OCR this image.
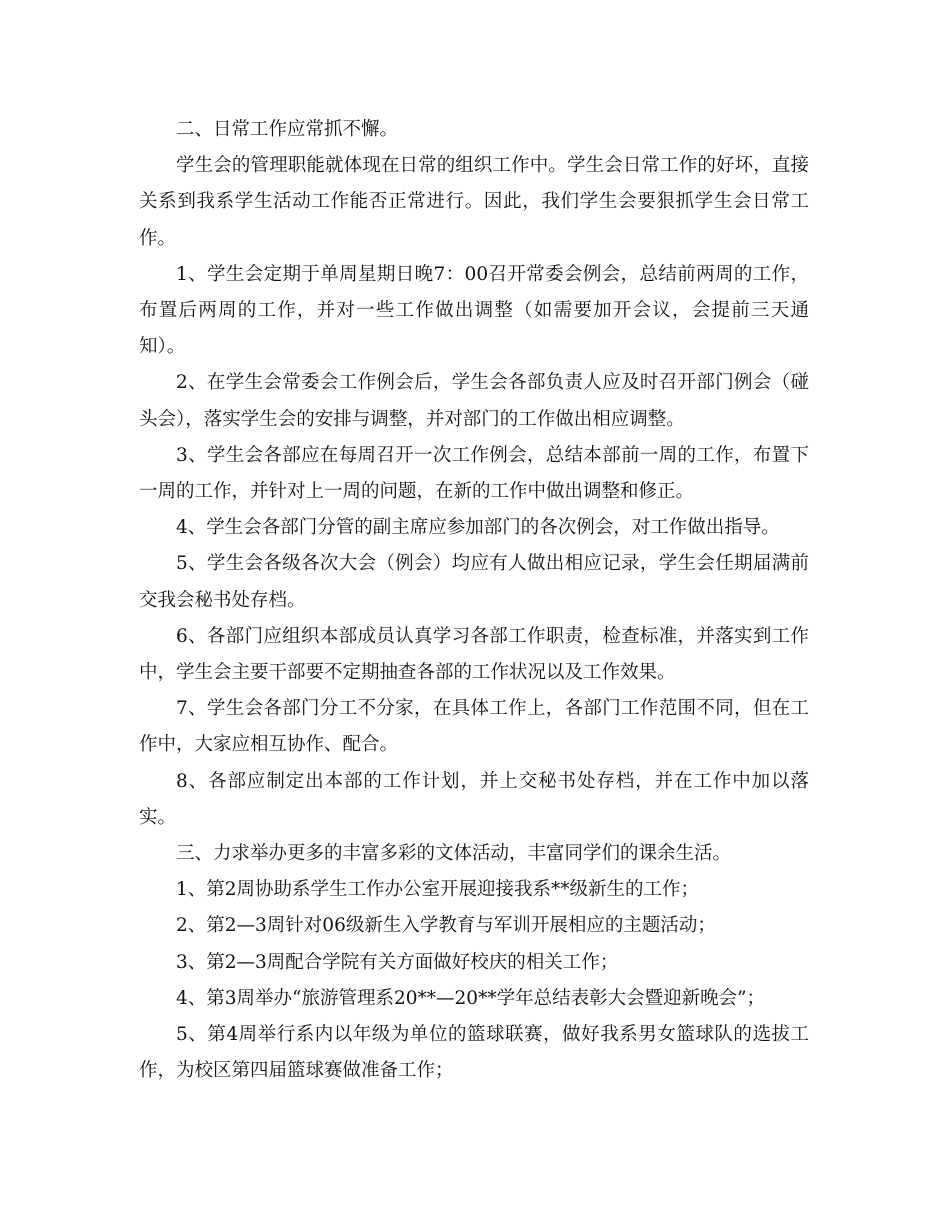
二、日常工作应常抓不懈。

学生会的管理职能就体现在日常的组织工作中。学生会日常工作的好坏，直接关系到我系学生活动工作能否正常进行。因此，我们学生会要狠抓学生会日常工作。

1、学生会定期于单周星期日晚7：00召开常委会例会，总结前两周的工作，布置后两周的工作，并对一些工作做出调整（如需要加开会议，会提前三天通知）。

2、在学生会常委会工作例会后，学生会各部负责人应及时召开部门例会（碰头会），落实学生会的安排与调整，并对部门的工作做出相应调整。

3、学生会各部应在每周召开一次工作例会，总结本部前一周的工作，布置下一周的工作，并针对上一周的问题，在新的工作中做出调整和修正。

4、学生会各部门分管的副主席应参加部门的各次例会，对工作做出指导。

5、学生会各级各次大会（例会）均应有人做出相应记录，学生会任期届满前交我会秘书处存档。

6、各部门应组织本部成员认真学习各部工作职责，检查标准，并落实到工作中，学生会主要干部要不定期抽查各部的工作状况以及工作效果。

7、学生会各部门分工不分家，在具体工作上，各部门工作范围不同，但在工作中，大家应相互协作、配合。

8、各部应制定出本部的工作计划，并上交秘书处存档，并在工作中加以落实。

三、力求举办更多的丰富多彩的文体活动，丰富同学们的课余生活。

1、第2周协助系学生工作办公室开展迎接我系**级新生的工作；

2、第2—3周针对06级新生入学教育与军训开展相应的主题活动；

3、第2—3周配合学院有关方面做好校庆的相关工作；

4、第3周举办“旅游管理系20**—20**学年总结表彰大会暨迎新晚会”；

5、第4周举行系内以年级为单位的篮球联赛，做好我系男女篮球队的选拔工作，为校区第四届篮球赛做准备工作；
